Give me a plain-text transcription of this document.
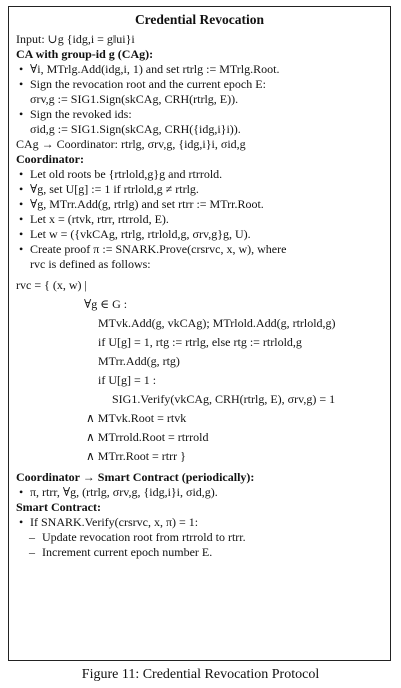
Credential Revocation
Input: ∪g {idg,i = g‖ui}i
CA with group-id g (CAg):
• ∀i, MTrlg.Add(idg,i, 1) and set rtrlg := MTrlg.Root.
• Sign the revocation root and the current epoch E:
σrv,g := SIG1.Sign(skCAg, CRH(rtrlg, E)).
• Sign the revoked ids:
σid,g := SIG1.Sign(skCAg, CRH({idg,i}i)).
CAg → Coordinator: rtrlg, σrv,g, {idg,i}i, σid,g
Coordinator:
• Let old roots be {rtrlold,g}g and rtrrold.
• ∀g, set U[g] := 1 if rtrlold,g ≠ rtrlg.
• ∀g, MTrr.Add(g, rtrlg) and set rtrr := MTrr.Root.
• Let x = (rtvk, rtrr, rtrrold, E).
• Let w = ({vkCAg, rtrlg, rtrlold,g, σrv,g}g, U).
• Create proof π := SNARK.Prove(crsrvc, x, w), where
rvc is defined as follows:
rvc = { (x, w) |
∀g ∈ G :
MTvk.Add(g, vkCAg); MTrlold.Add(g, rtrlold,g)
if U[g] = 1, rtg := rtrlg, else rtg := rtrlold,g
MTrr.Add(g, rtg)
if U[g] = 1 :
SIG1.Verify(vkCAg, CRH(rtrlg, E), σrv,g) = 1
∧ MTvk.Root = rtvk
∧ MTrrold.Root = rtrrold
∧ MTrr.Root = rtrr }
Coordinator → Smart Contract (periodically):
• π, rtrr, ∀g, (rtrlg, σrv,g, {idg,i}i, σid,g).
Smart Contract:
• If SNARK.Verify(crsrvc, x, π) = 1:
– Update revocation root from rtrrold to rtrr.
– Increment current epoch number E.
Figure 11: Credential Revocation Protocol
